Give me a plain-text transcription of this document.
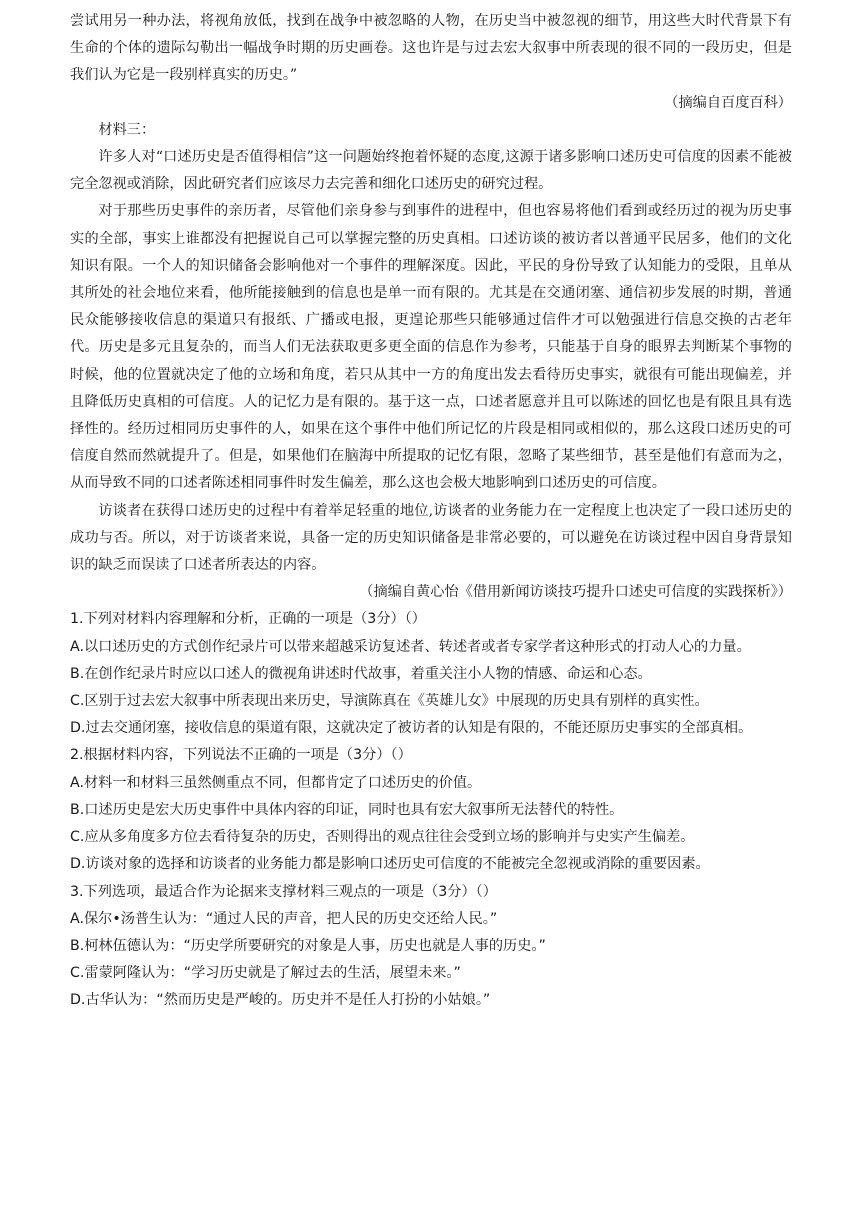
尝试用另一种办法，将视角放低，找到在战争中被忽略的人物，在历史当中被忽视的细节，用这些大时代背景下有生命的个体的遗际勾勒出一幅战争时期的历史画卷。这也许是与过去宏大叙事中所表现的很不同的一段历史，但是我们认为它是一段别样真实的历史。”

（摘编自百度百科）

材料三：

许多人对“口述历史是否值得相信”这一问题始终抱着怀疑的态度,这源于诸多影响口述历史可信度的因素不能被完全忽视或消除，因此研究者们应该尽力去完善和细化口述历史的研究过程。

对于那些历史事件的亲历者，尽管他们亲身参与到事件的进程中，但也容易将他们看到或经历过的视为历史事实的全部，事实上谁都没有把握说自己可以掌握完整的历史真相。口述访谈的被访者以普通平民居多，他们的文化知识有限。一个人的知识储备会影响他对一个事件的理解深度。因此，平民的身份导致了认知能力的受限，且单从其所处的社会地位来看，他所能接触到的信息也是单一而有限的。尤其是在交通闭塞、通信初步发展的时期，普通民众能够接收信息的渠道只有报纸、广播或电报，更遑论那些只能够通过信件才可以勉强进行信息交换的古老年代。历史是多元且复杂的，而当人们无法获取更多更全面的信息作为参考，只能基于自身的眼界去判断某个事物的时候，他的位置就决定了他的立场和角度，若只从其中一方的角度出发去看待历史事实，就很有可能出现偏差，并且降低历史真相的可信度。人的记忆力是有限的。基于这一点，口述者愿意并且可以陈述的回忆也是有限且具有选择性的。经历过相同历史事件的人，如果在这个事件中他们所记忆的片段是相同或相似的，那么这段口述历史的可信度自然而然就提升了。但是，如果他们在脑海中所提取的记忆有限，忽略了某些细节，甚至是他们有意而为之，从而导致不同的口述者陈述相同事件时发生偏差，那么这也会极大地影响到口述历史的可信度。

访谈者在获得口述历史的过程中有着举足轻重的地位,访谈者的业务能力在一定程度上也决定了一段口述历史的成功与否。所以，对于访谈者来说，具备一定的历史知识储备是非常必要的，可以避免在访谈过程中因自身背景知识的缺乏而误读了口述者所表达的内容。

（摘编自黄心怡《借用新闻访谈技巧提升口述史可信度的实践探析》）

1.下列对材料内容理解和分析，正确的一项是（3分）（）

A.以口述历史的方式创作纪录片可以带来超越采访复述者、转述者或者专家学者这种形式的打动人心的力量。

B.在创作纪录片时应以口述人的微视角讲述时代故事，着重关注小人物的情感、命运和心态。

C.区别于过去宏大叙事中所表现出来历史，导演陈真在《英雄儿女》中展现的历史具有别样的真实性。

D.过去交通闭塞，接收信息的渠道有限，这就决定了被访者的认知是有限的，不能还原历史事实的全部真相。

2.根据材料内容，下列说法不正确的一项是（3分）（）

A.材料一和材料三虽然侧重点不同，但都肯定了口述历史的价值。

B.口述历史是宏大历史事件中具体内容的印证，同时也具有宏大叙事所无法替代的特性。

C.应从多角度多方位去看待复杂的历史，否则得出的观点往往会受到立场的影响并与史实产生偏差。

D.访谈对象的选择和访谈者的业务能力都是影响口述历史可信度的不能被完全忽视或消除的重要因素。

3.下列选项，最适合作为论据来支撑材料三观点的一项是（3分）（）

A.保尔•汤普生认为：“通过人民的声音，把人民的历史交还给人民。”

B.柯林伍德认为：“历史学所要研究的对象是人事，历史也就是人事的历史。”

C.雷蒙阿隆认为：“学习历史就是了解过去的生活，展望未来。”

D.古华认为：“然而历史是严峻的。历史并不是任人打扮的小姑娘。”
